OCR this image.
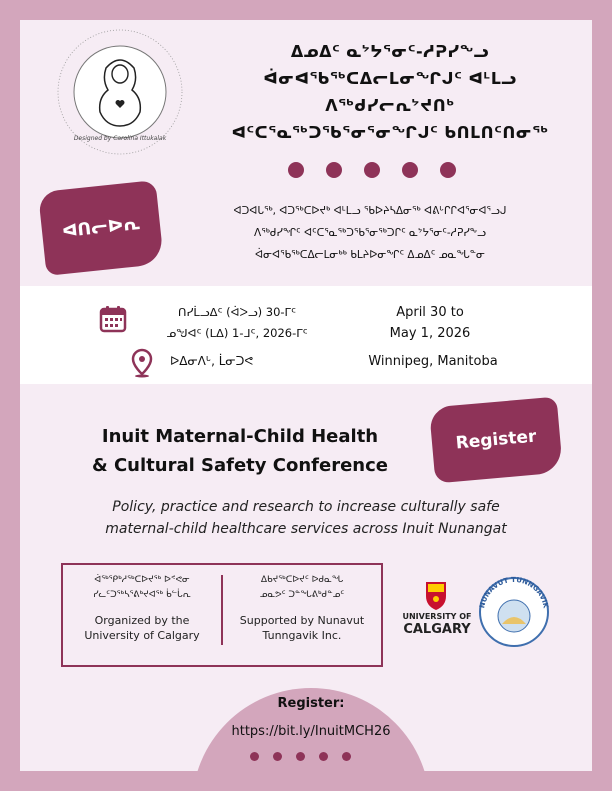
Designed by Carolina Ittukalak
ᐃᓄᐃᑦ ᓇᔾᔭᕐᓂᑦ-ᓱᕈᓯᖕᓗ
ᐋᓂᐊᖃᖅᑕᐃᓕᒪᓂᖏᒍᑦ ᐊᒻᒪᓗ
ᐱᖅᑯᓯᓕᕆᔾᔪᑎᒃ
ᐊᑦᑕᕐᓇᖅᑐᖃᕐᓂᕐᓂᖏᒍᑦ ᑲᑎᒪᑎᑦᑎᓂᖅ
ᐊᑎᓕᐅᕆ
ᐊᑐᐊᒐᖅ, ᐊᑐᖅᑕᐅᔪᒃ ᐊᒻᒪᓗ ᖃᐅᔨᓴᐃᓂᖅ ᐊᕕᒡᒋᒋᐊᕐᓂᐊᕐᓗᒍ
ᐱᖅᑯᓯᖏᑦ ᐊᑦᑕᕐᓇᖅᑐᖃᕐᓂᖅᑐᒋᑦ ᓇᔾᔭᕐᓂᑦ-ᓱᕈᓯᖕᓗ
ᐋᓂᐊᖃᖅᑕᐃᓕᒪᓂᒃᒃ ᑲᒪᔨᐅᓂᖏᑦ ᐃᓄᐃᑦ ᓄᓇᖓᓐᓂ
ᑎᓯᒫᓗᐃᑦ (ᐋᐳᓗ) 30-ᒥᑦ
ᓄᖑᐊᑦ (ᒪᐃ) 1-ᒧᑦ, 2026-ᒥᑦ
April 30 to
May 1, 2026
ᐅᐃᓂᐱᒡ, ᒫᓂᑐᕙ	Winnipeg, Manitoba
Inuit Maternal-Child Health
& Cultural Safety Conference
Register
Policy, practice and research to increase culturally safe
maternal-child healthcare services across Inuit Nunangat
ᐋᖅᕿᒃᓱᖅᑕᐅᔪᖅ ᐅᕝᕙᓂ
ᓯᓚᑦᑐᖅᓴᕐᕕᒃᔪᐊᖅ ᑳᓪᒑᕆ
Organized by the
University of Calgary
ᐃᑲᔪᖅᑕᐅᔪᑦ ᐅᑯᓇᖓ
ᓄᓇᕗᑦ ᑐᓐᖓᕕᒃᑯᓐᓄᑦ
Supported by Nunavut
Tunngavik Inc.
UNIVERSITY OF
CALGARY
NUNAVUT TUNNGAVIK
Register:
https://bit.ly/InuitMCH26
